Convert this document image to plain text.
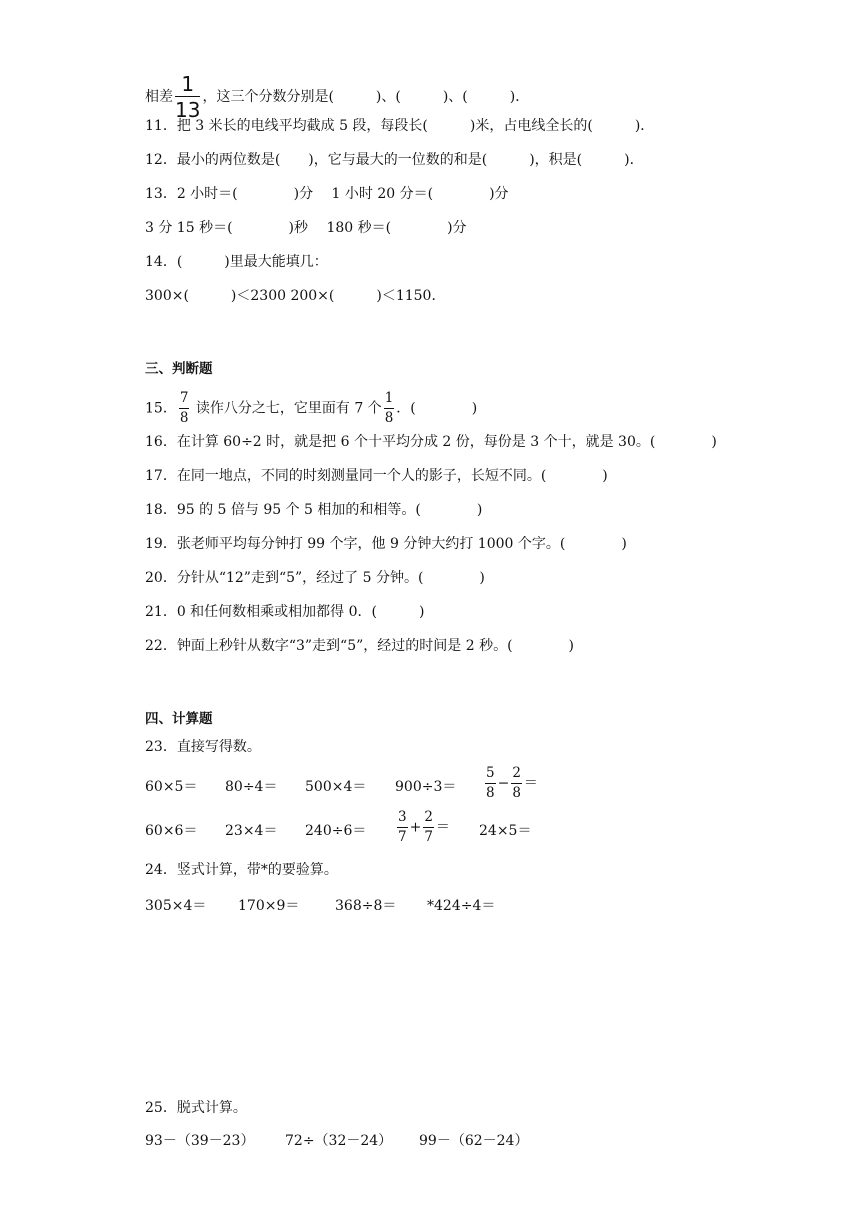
相差 $\frac{1}{13}$ ，这三个分数分别是(　　　)、(　　　)、(　　　)．
11．把 3 米长的电线平均截成 5 段，每段长(　　　)米，占电线全长的(　　　)．
12．最小的两位数是(　　)，它与最大的一位数的和是(　　　)，积是(　　　)．
13．2 小时＝(　　　　)分　 1 小时 20 分＝(　　　　)分
3 分 15 秒＝(　　　　)秒　 180 秒＝(　　　　)分
14．(　　　)里最大能填几：
300×(　　　)＜2300 200×(　　　)＜1150．
三、判断题
15． $\frac{7}{8}$ 读作八分之七，它里面有 7 个 $\frac{1}{8}$ ．(　　　　)
16．在计算 60÷2 时，就是把 6 个十平均分成 2 份，每份是 3 个十，就是 30。(　　　　)
17．在同一地点，不同的时刻测量同一个人的影子，长短不同。(　　　　)
18．95 的 5 倍与 95 个 5 相加的和相等。(　　　　)
19．张老师平均每分钟打 99 个字，他 9 分钟大约打 1000 个字。(　　　　)
20．分针从“12”走到“5”，经过了 5 分钟。(　　　　)
21．0 和任何数相乘或相加都得 0．(　　　)
22．钟面上秒针从数字“3”走到“5”，经过的时间是 2 秒。(　　　　)
四、计算题
23．直接写得数。
$60\times 5= 80\div 4= 500\times 4= 900\div 3= \frac{5}{8} - \frac{2}{8}$ ＝
$60\times 6= 23\times 4= 240\div 6= \frac{3}{7} + \frac{2}{7} = 24\times 5=$
24．竖式计算，带*的要验算。
305×4＝ 170×9＝	368÷8＝ *424÷4＝
25．脱式计算。
93－（39－23） 72÷（32－24） 99－（62－24）
